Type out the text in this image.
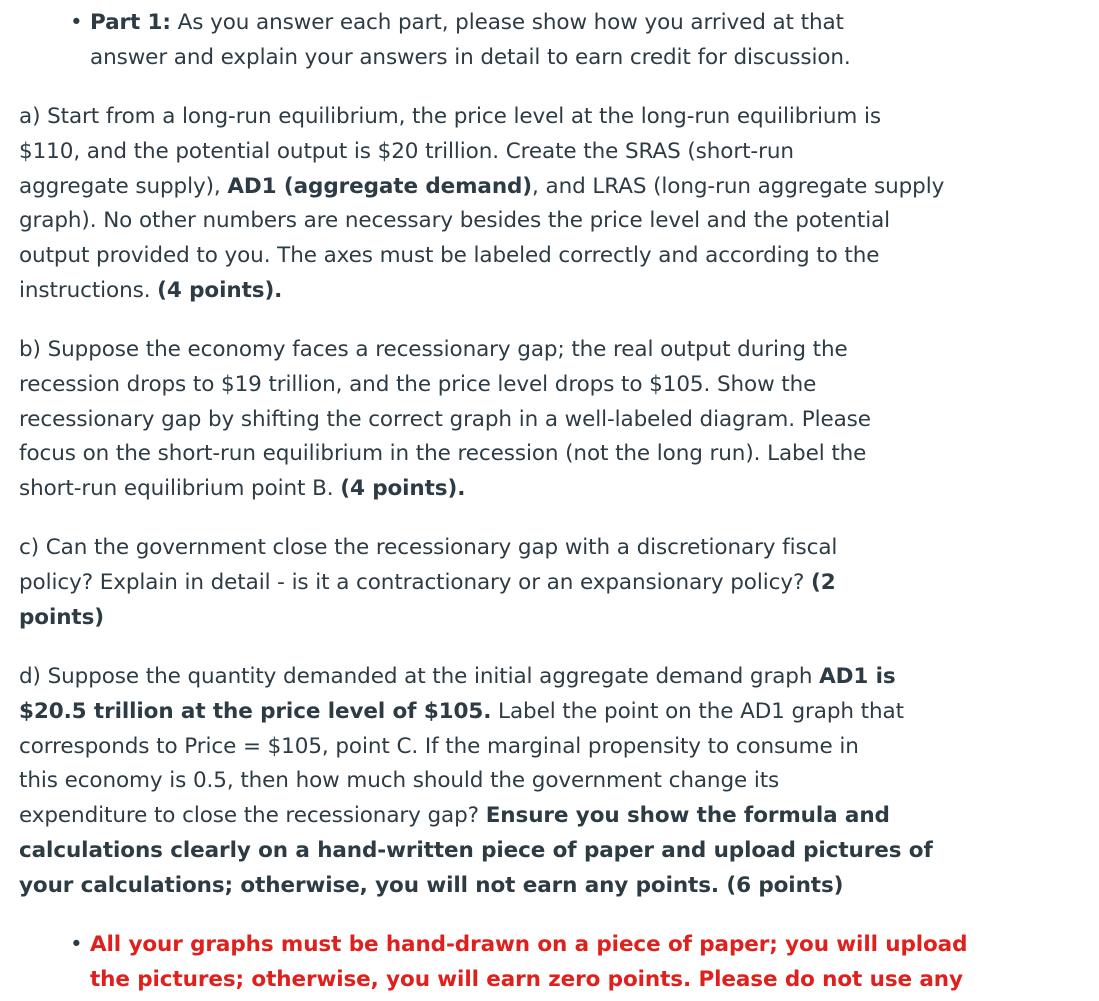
• Part 1: As you answer each part, please show how you arrived at that
answer and explain your answers in detail to earn credit for discussion.
a) Start from a long-run equilibrium, the price level at the long-run equilibrium is
$110, and the potential output is $20 trillion. Create the SRAS (short-run
aggregate supply), AD1 (aggregate demand), and LRAS (long-run aggregate supply
graph). No other numbers are necessary besides the price level and the potential
output provided to you. The axes must be labeled correctly and according to the
instructions. (4 points).
b) Suppose the economy faces a recessionary gap; the real output during the
recession drops to $19 trillion, and the price level drops to $105. Show the
recessionary gap by shifting the correct graph in a well-labeled diagram. Please
focus on the short-run equilibrium in the recession (not the long run). Label the
short-run equilibrium point B. (4 points).
c) Can the government close the recessionary gap with a discretionary fiscal
policy? Explain in detail - is it a contractionary or an expansionary policy? (2
points)
d) Suppose the quantity demanded at the initial aggregate demand graph AD1 is
$20.5 trillion at the price level of $105. Label the point on the AD1 graph that
corresponds to Price = $105, point C. If the marginal propensity to consume in
this economy is 0.5, then how much should the government change its
expenditure to close the recessionary gap? Ensure you show the formula and
calculations clearly on a hand-written piece of paper and upload pictures of
your calculations; otherwise, you will not earn any points. (6 points)
• All your graphs must be hand-drawn on a piece of paper; you will upload
the pictures; otherwise, you will earn zero points. Please do not use any
